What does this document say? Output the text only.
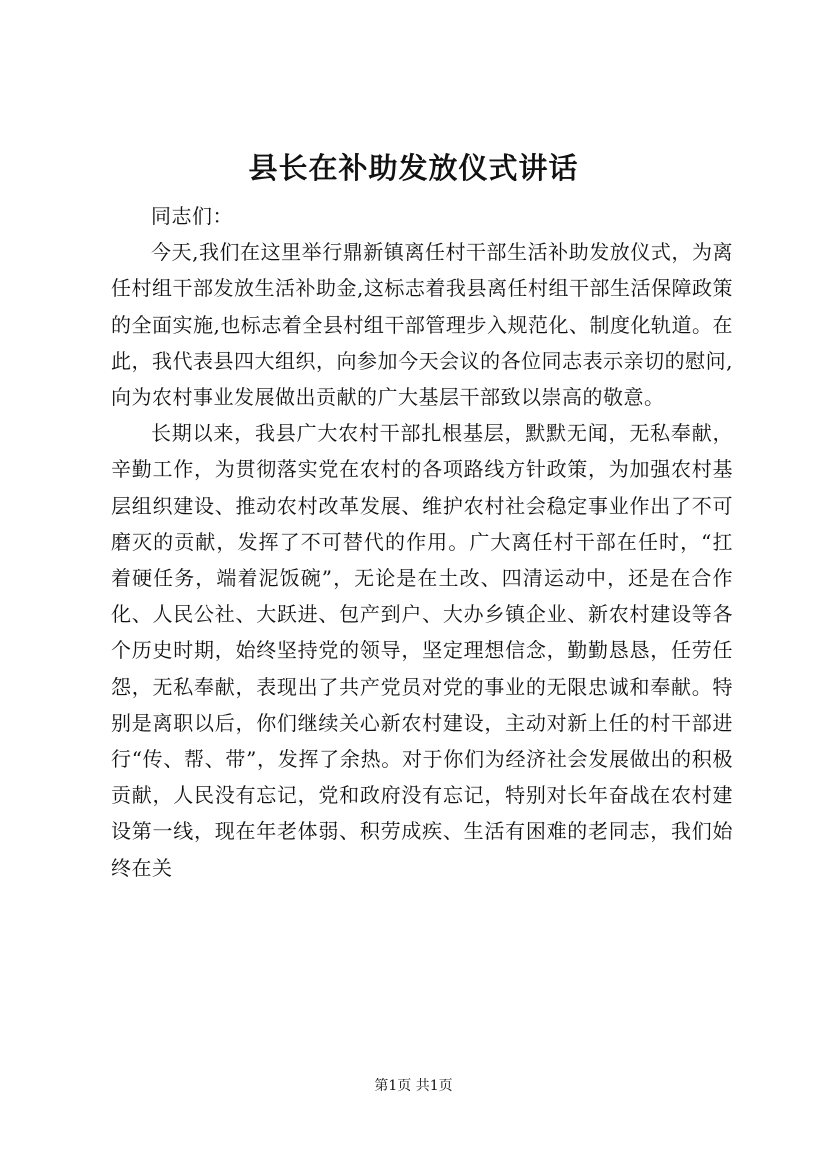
县长在补助发放仪式讲话

同志们：

今天,我们在这里举行鼎新镇离任村干部生活补助发放仪式，为离任村组干部发放生活补助金,这标志着我县离任村组干部生活保障政策的全面实施,也标志着全县村组干部管理步入规范化、制度化轨道。在此，我代表县四大组织，向参加今天会议的各位同志表示亲切的慰问,向为农村事业发展做出贡献的广大基层干部致以崇高的敬意。

长期以来，我县广大农村干部扎根基层，默默无闻，无私奉献，辛勤工作，为贯彻落实党在农村的各项路线方针政策，为加强农村基层组织建设、推动农村改革发展、维护农村社会稳定事业作出了不可磨灭的贡献，发挥了不可替代的作用。广大离任村干部在任时，“扛着硬任务，端着泥饭碗”，无论是在土改、四清运动中，还是在合作化、人民公社、大跃进、包产到户、大办乡镇企业、新农村建设等各个历史时期，始终坚持党的领导，坚定理想信念，勤勤恳恳，任劳任怨，无私奉献，表现出了共产党员对党的事业的无限忠诚和奉献。特别是离职以后，你们继续关心新农村建设，主动对新上任的村干部进行“传、帮、带”，发挥了余热。对于你们为经济社会发展做出的积极贡献，人民没有忘记，党和政府没有忘记，特别对长年奋战在农村建设第一线，现在年老体弱、积劳成疾、生活有困难的老同志，我们始终在关

第1页 共1页
